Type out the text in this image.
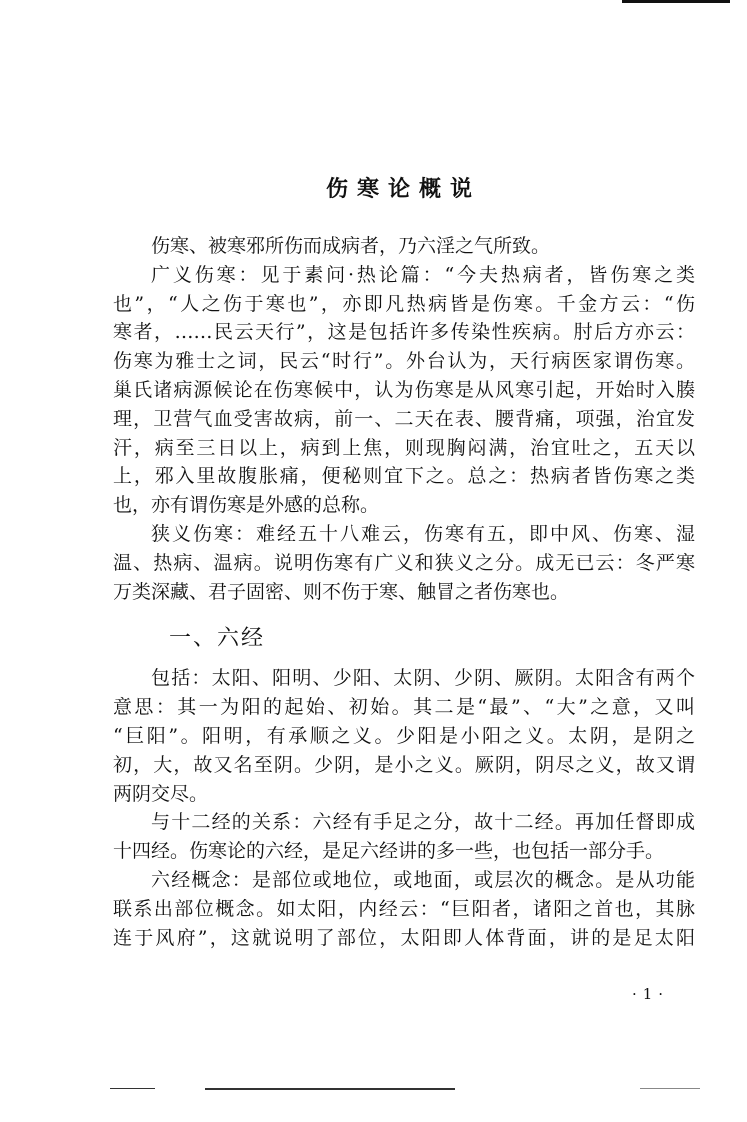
伤寒论概说
伤寒、被寒邪所伤而成病者，乃六淫之气所致。
广义伤寒：见于素问·热论篇：“今夫热病者，皆伤寒之类
也”，“人之伤于寒也”，亦即凡热病皆是伤寒。千金方云：“伤
寒者，……民云天行”，这是包括许多传染性疾病。肘后方亦云：
伤寒为雅士之词，民云“时行”。外台认为，天行病医家谓伤寒。
巢氏诸病源候论在伤寒候中，认为伤寒是从风寒引起，开始时入腠
理，卫营气血受害故病，前一、二天在表、腰背痛，项强，治宜发
汗，病至三日以上，病到上焦，则现胸闷满，治宜吐之，五天以
上，邪入里故腹胀痛，便秘则宜下之。总之：热病者皆伤寒之类
也，亦有谓伤寒是外感的总称。
狭义伤寒：难经五十八难云，伤寒有五，即中风、伤寒、湿
温、热病、温病。说明伤寒有广义和狭义之分。成无已云：冬严寒
万类深藏、君子固密、则不伤于寒、触冒之者伤寒也。
一、六经
包括：太阳、阳明、少阳、太阴、少阴、厥阴。太阳含有两个
意思：其一为阳的起始、初始。其二是“最”、“大”之意，又叫
“巨阳”。阳明，有承顺之义。少阳是小阳之义。太阴，是阴之
初，大，故又名至阴。少阴，是小之义。厥阴，阴尽之义，故又谓
两阴交尽。
与十二经的关系：六经有手足之分，故十二经。再加任督即成
十四经。伤寒论的六经，是足六经讲的多一些，也包括一部分手。
六经概念：是部位或地位，或地面，或层次的概念。是从功能
联系出部位概念。如太阳，内经云：“巨阳者，诸阳之首也，其脉
连于风府”，这就说明了部位，太阳即人体背面，讲的是足太阳
·1·
